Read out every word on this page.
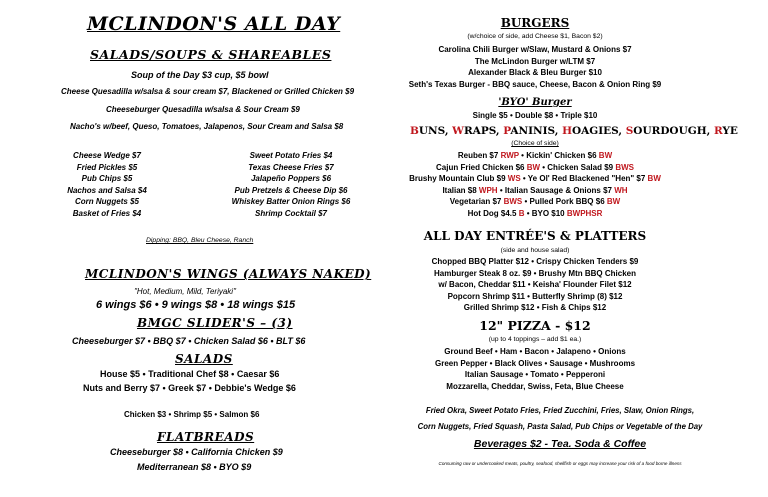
MCLINDON'S ALL DAY
SALADS/SOUPS & SHAREABLES
Soup of the Day $3 cup, $5 bowl
Cheese Quesadilla w/salsa & sour cream $7, Blackened or Grilled Chicken $9
Cheeseburger Quesadilla w/salsa & Sour Cream $9
Nacho's w/beef, Queso, Tomatoes, Jalapenos, Sour Cream and Salsa $8
Cheese Wedge $7
Fried Pickles $5
Pub Chips $5
Nachos and Salsa $4
Corn Nuggets $5
Basket of Fries $4
Sweet Potato Fries $4
Texas Cheese Fries $7
Jalapeño Poppers $6
Pub Pretzels & Cheese Dip $6
Whiskey Batter Onion Rings $6
Shrimp Cocktail $7
Dipping: BBQ, Bleu Cheese, Ranch
MCLINDON'S WINGS (ALWAYS NAKED)
"Hot, Medium, Mild, Teriyaki"
6 wings $6 • 9 wings $8 • 18 wings $15
BMGC SLIDER'S – (3)
Cheeseburger $7 • BBQ $7 • Chicken Salad $6 • BLT $6
SALADS
House $5 • Traditional Chef $8 • Caesar $6
Nuts and Berry $7 • Greek $7 • Debbie's Wedge $6
Chicken $3 • Shrimp $5 • Salmon $6
FLATBREADS
Cheeseburger $8 • California Chicken $9
Mediterranean $8 • BYO $9
BURGERS
(w/choice of side, add Cheese $1, Bacon $2)
Carolina Chili Burger w/Slaw, Mustard & Onions $7
The McLindon Burger w/LTM $7
Alexander Black & Bleu Burger $10
Seth's Texas Burger - BBQ sauce, Cheese, Bacon & Onion Ring $9
'BYO' Burger
Single $5 • Double $8 • Triple $10
BUNS, WRAPS, PANINIS, HOAGIES, SOURDOUGH, RYE
(Choice of side)
Reuben $7 RWP • Kickin' Chicken $6 BW
Cajun Fried Chicken $6 BW • Chicken Salad $9 BWS
Brushy Mountain Club $9 WS • Ye Ol' Red Blackened "Hen" $7 BW
Italian $8 WPH • Italian Sausage & Onions $7 WH
Vegetarian $7 BWS • Pulled Pork BBQ $6 BW
Hot Dog $4.5 B • BYO $10 BWPHSR
ALL DAY ENTRÉE'S & PLATTERS
(side and house salad)
Chopped BBQ Platter $12 • Crispy Chicken Tenders $9
Hamburger Steak 8 oz. $9 • Brushy Mtn BBQ Chicken
w/ Bacon, Cheddar $11 • Keisha' Flounder Filet $12
Popcorn Shrimp $11 • Butterfly Shrimp (8) $12
Grilled Shrimp $12 • Fish & Chips $12
12" PIZZA - $12
(up to 4 toppings – add $1 ea.)
Ground Beef • Ham • Bacon • Jalapeno • Onions
Green Pepper • Black Olives • Sausage • Mushrooms
Italian Sausage • Tomato • Pepperoni
Mozzarella, Cheddar, Swiss, Feta, Blue Cheese
Fried Okra, Sweet Potato Fries, Fried Zucchini, Fries, Slaw, Onion Rings,
Corn Nuggets, Fried Squash, Pasta Salad, Pub Chips or Vegetable of the Day
Beverages $2 - Tea. Soda & Coffee
Consuming raw or undercooked meats, poultry, seafood, shellfish or eggs may increase your risk of a food borne illness
